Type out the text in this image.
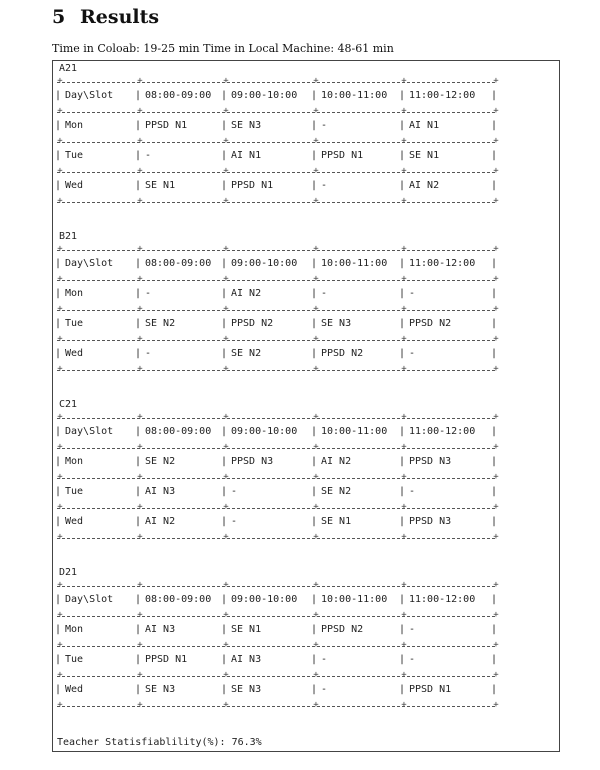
5 Results
Time in Coloab: 19-25 min Time in Local Machine: 48-61 min
Teacher Statisfiablility(%): 76.3%
A21
+	+	+	+	+	+
+	+	+	+	+	+
+	+	+	+	+	+
+	+	+	+	+	+
+	+	+	+	+	+
|	|	|	|	|	|
Day\Slot	08:00-09:00 09:00-10:00 10:00-11:00 11:00-12:00
|	|	|	|	|	|
Mon	PPSD N1	SE N3	-	AI N1
|	|	|	|	|	|
Tue	-	AI N1	PPSD N1	SE N1
|	|	|	|	|	|
Wed	SE N1	PPSD N1	-	AI N2
B21
+	+	+	+	+	+
+	+	+	+	+	+
+	+	+	+	+	+
+	+	+	+	+	+
+	+	+	+	+	+
|	|	|	|	|	|
Day\Slot	08:00-09:00 09:00-10:00 10:00-11:00 11:00-12:00
|	|	|	|	|	|
Mon	-	AI N2	-	-
|	|	|	|	|	|
Tue	SE N2	PPSD N2	SE N3	PPSD N2
|	|	|	|	|	|
Wed	-	SE N2	PPSD N2	-
C21
+	+	+	+	+	+
+	+	+	+	+	+
+	+	+	+	+	+
+	+	+	+	+	+
+	+	+	+	+	+
|	|	|	|	|	|
Day\Slot	08:00-09:00 09:00-10:00 10:00-11:00 11:00-12:00
|	|	|	|	|	|
Mon	SE N2	PPSD N3	AI N2	PPSD N3
|	|	|	|	|	|
Tue	AI N3	-	SE N2	-
|	|	|	|	|	|
Wed	AI N2	-	SE N1	PPSD N3
D21
+	+	+	+	+	+
+	+	+	+	+	+
+	+	+	+	+	+
+	+	+	+	+	+
+	+	+	+	+	+
|	|	|	|	|	|
Day\Slot	08:00-09:00 09:00-10:00 10:00-11:00 11:00-12:00
|	|	|	|	|	|
Mon	AI N3	SE N1	PPSD N2	-
|	|	|	|	|	|
Tue	PPSD N1	AI N3	-	-
|	|	|	|	|	|
Wed	SE N3	SE N3	-	PPSD N1
